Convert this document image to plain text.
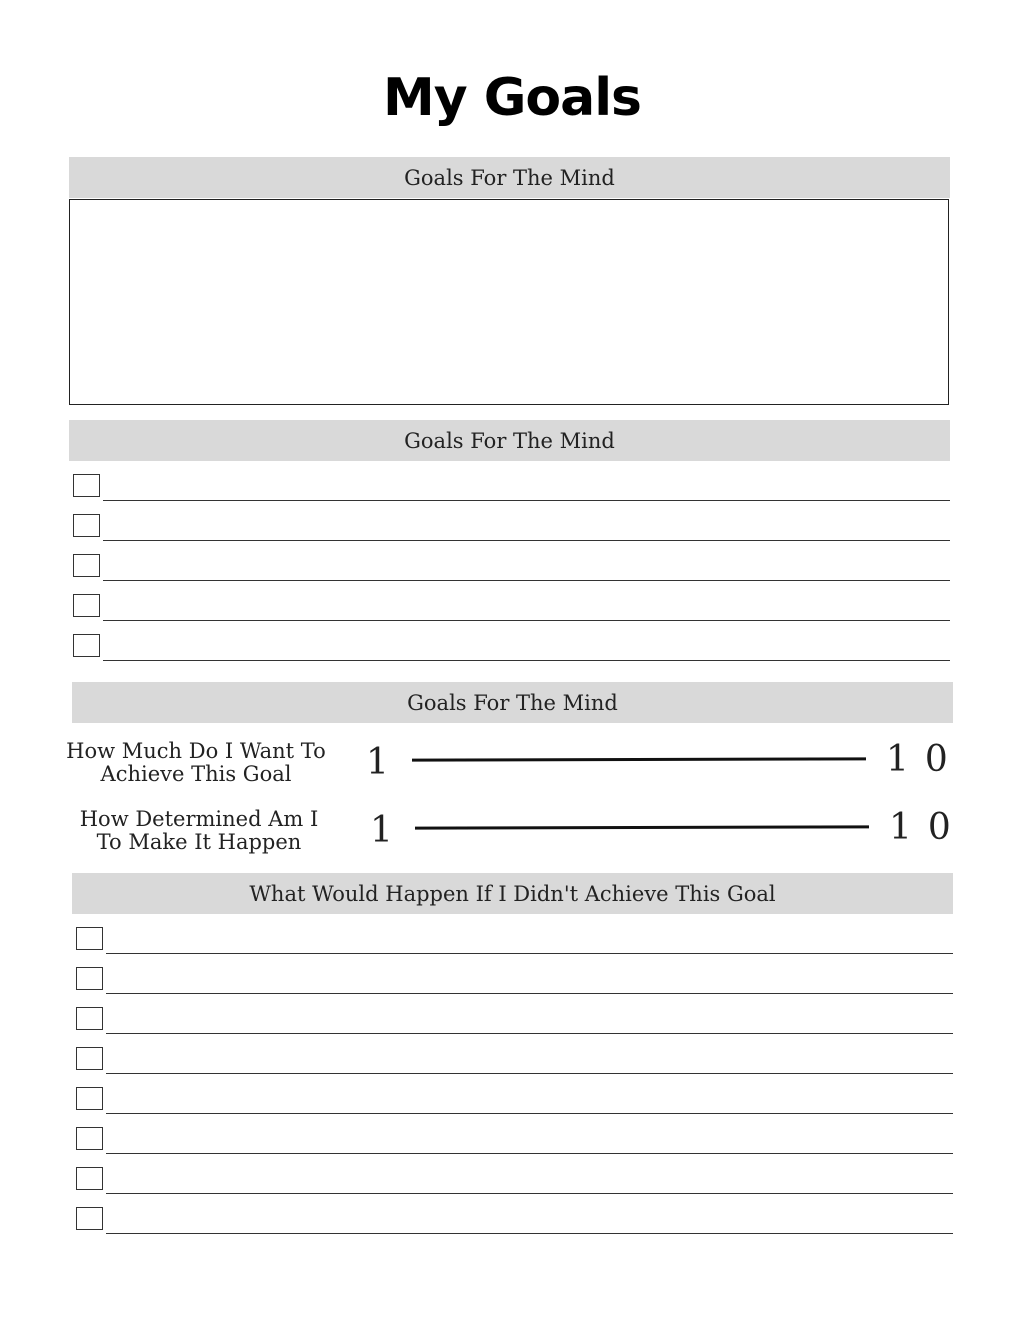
My Goals
Goals For The Mind
Goals For The Mind
Goals For The Mind
How Much Do I Want To
Achieve This Goal	1	10
How Determined Am I
To Make It Happen	1	10
What Would Happen If I Didn't Achieve This Goal
